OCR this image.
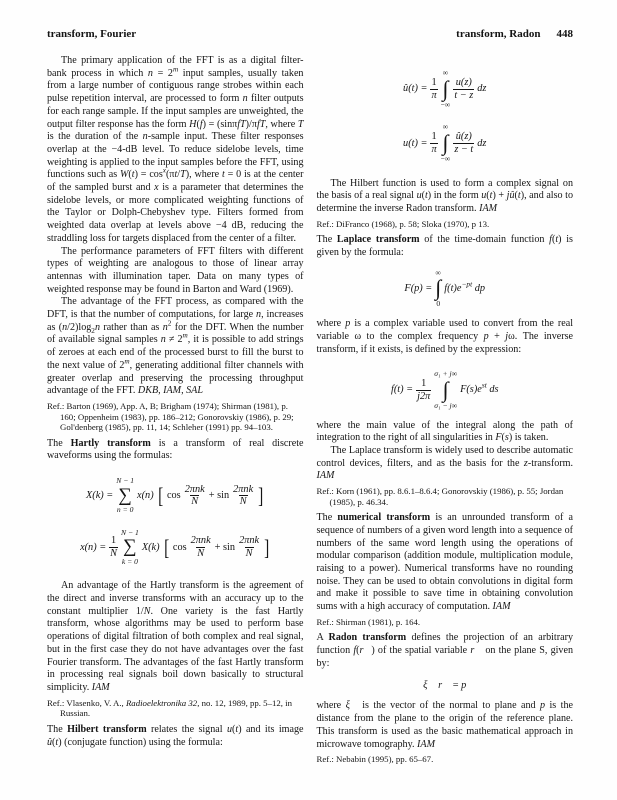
transform, Fourier	transform, Radon 448

The primary application of the FFT is as a digital filter-bank process in which $n = 2^m$ input samples, usually taken from a large number of contiguous range strobes within each pulse repetition interval, are processed to form n filter outputs for each range sample. If the input samples are unweighted, the output filter response has the form H(f) = (sinπfT)/πfT, where T is the duration of the n-sample input. These filter responses overlap at the −4-dB level. To reduce sidelobe levels, time weighting is applied to the input samples before the FFT, using functions such as $W(t) = \cos^x(\pi t/T)$, where t = 0 is at the center of the sampled burst and x is a parameter that determines the sidelobe levels, or more complicated weighting functions of the Taylor or Dolph-Chebyshev type. Filters formed from weighted data overlap at levels above −4 dB, reducing the straddling loss for targets displaced from the center of a filter.

The performance parameters of FFT filters with different types of weighting are analogous to those of linear array antennas with illumination taper. Data on many types of weighted response may be found in Barton and Ward (1969).

The advantage of the FFT process, as compared with the DFT, is that the number of computations, for large n, increases as $(n/2)\log_2n$ rather than as $n^2$ for the DFT. When the number of available signal samples $n \ne 2^m$, it is possible to add strings of zeroes at each end of the processed burst to fill the burst to the next value of 2$^m$, generating additional filter channels with greater overlap and preserving the processing throughput advantage of the FFT. DKB, IAM, SAL

Ref.: Barton (1969), App. A, B; Brigham (1974); Shirman (1981), p. 160; Oppenheim (1983), pp. 186–212; Gonorovskiy (1986), p. 29; Gol'denberg (1985), pp. 11, 14; Schleher (1991) pp. 94–103.

The Hartly transform is a transform of real discrete waveforms using the formulas:

X(k) =
N − 1
∑
n = 0
x(n) [ cos
2πnk
N
+ sin
2πnk
N ]
$x(n) = \frac{1}{N}$
N − 1
∑
k = 0
X(k) [ cos
2πnk
N
+ sin
2πnk
N ]

An advantage of the Hartly transform is the agreement of the direct and inverse transforms with an accuracy up to the constant multiplier 1/N. One variety is the fast Hartly transform, whose algorithms may be used to perform base operations of digital filtration of both complex and real signal, but in the first case they do not have advantages over the fast Fourier transform. The advantages of the fast Hartly transform in processing real signals boil down basically to structural simplicity. IAM

Ref.: Vlasenko, V. A., Radioelektronika 32, no. 12, 1989, pp. 5–12, in Russian.

The Hilbert transform relates the signal u(t) and its image û(t) (conjugate function) using the formula:

û(t) = $\frac{1}{\pi}$
∞
∫
−∞
$\frac{u(z)}{t - z}$ dz
$u(t) = \frac{1}{\pi}$
∞
∫
−∞
$\frac{û(z)}{z - t}$ dz

The Hilbert function is used to form a complex signal on the basis of a real signal u(t) in the form u(t) + jû(t), and also to determine the inverse Radon transform. IAM

Ref.: DiFranco (1968), p. 58; Sloka (1970), p 13.

The Laplace transform of the time-domain function f(t) is given by the formula:

F(p) =
∞
∫
0
$f(t)e^{-pt}$ dp

where p is a complex variable used to convert from the real variable ω to the complex frequency p + jω. The inverse transform, if it exists, is defined by the expression:

$f(t) = \frac{1}{j2\pi}$
σ₁ + j∞
∫
σ₁ − j∞
$F(s)e^{st}$ ds

where the main value of the integral along the path of integration to the right of all singularities in F(s) is taken.

The Laplace transform is widely used to describe automatic control devices, filters, and as the basis for the z-transform. IAM

Ref.: Korn (1961), pp. 8.6.1–8.6.4; Gonorovskiy (1986), p. 55; Jordan (1985), p. 46.34.

The numerical transform is an unrounded transform of a sequence of numbers of a given word length into a sequence of numbers of the same word length using the operations of modular comparison (addition module, multiplication module, raising to a power). Numerical transforms have no rounding noise. They can be used to obtain convolutions in digital form and make it possible to save time in obtaining convolution sums with a high accuracy of computation. IAM

Ref.: Shirman (1981), p. 164.

A Radon transform defines the projection of an arbitrary function f(r⃗) of the spatial variable r⃗ on the plane S, given by:

ξ⃗ r⃗ = p

where ξ⃗ is the vector of the normal to plane and p is the distance from the plane to the origin of the reference plane. This transform is used as the basic mathematical approach in microwave tomography. IAM

Ref.: Nebabin (1995), pp. 65–67.
